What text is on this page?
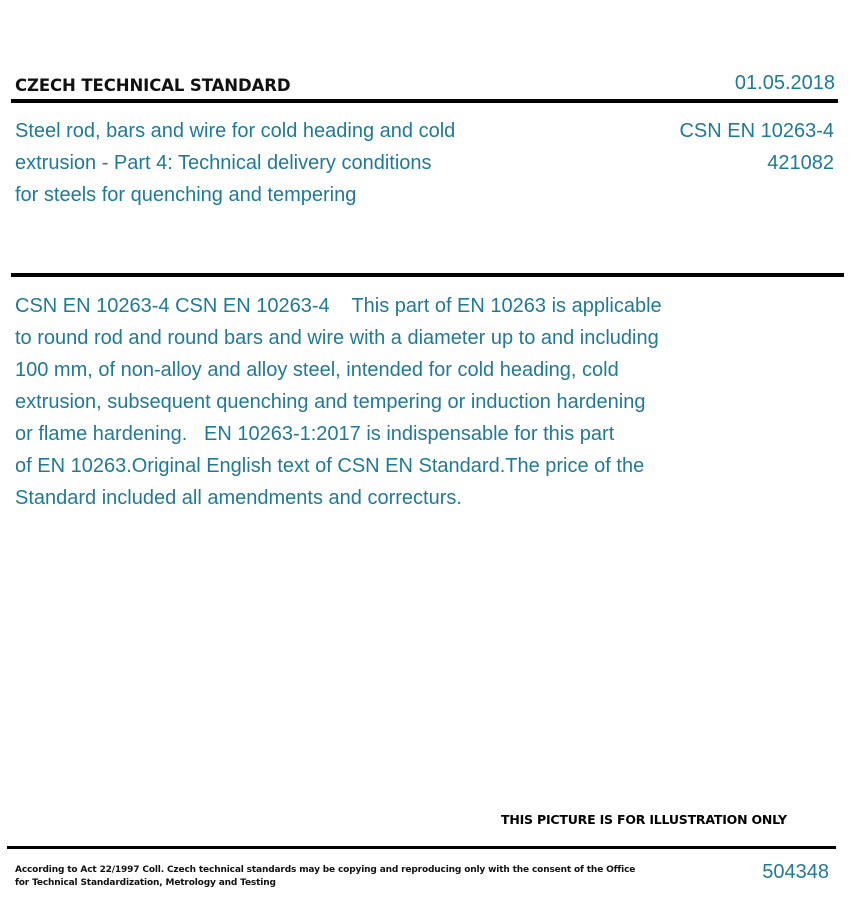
CZECH TECHNICAL STANDARD	01.05.2018
Steel rod, bars and wire for cold heading and cold
extrusion - Part 4: Technical delivery conditions
for steels for quenching and tempering
CSN EN 10263-4
421082
CSN EN 10263-4 CSN EN 10263-4    This part of EN 10263 is applicable
to round rod and round bars and wire with a diameter up to and including
100 mm, of non-alloy and alloy steel, intended for cold heading, cold
extrusion, subsequent quenching and tempering or induction hardening
or flame hardening.   EN 10263-1:2017 is indispensable for this part
of EN 10263.Original English text of CSN EN Standard.The price of the
Standard included all amendments and correcturs.
THIS PICTURE IS FOR ILLUSTRATION ONLY
According to Act 22/1997 Coll. Czech technical standards may be copying and reproducing only with the consent of the Office
for Technical Standardization, Metrology and Testing	504348
